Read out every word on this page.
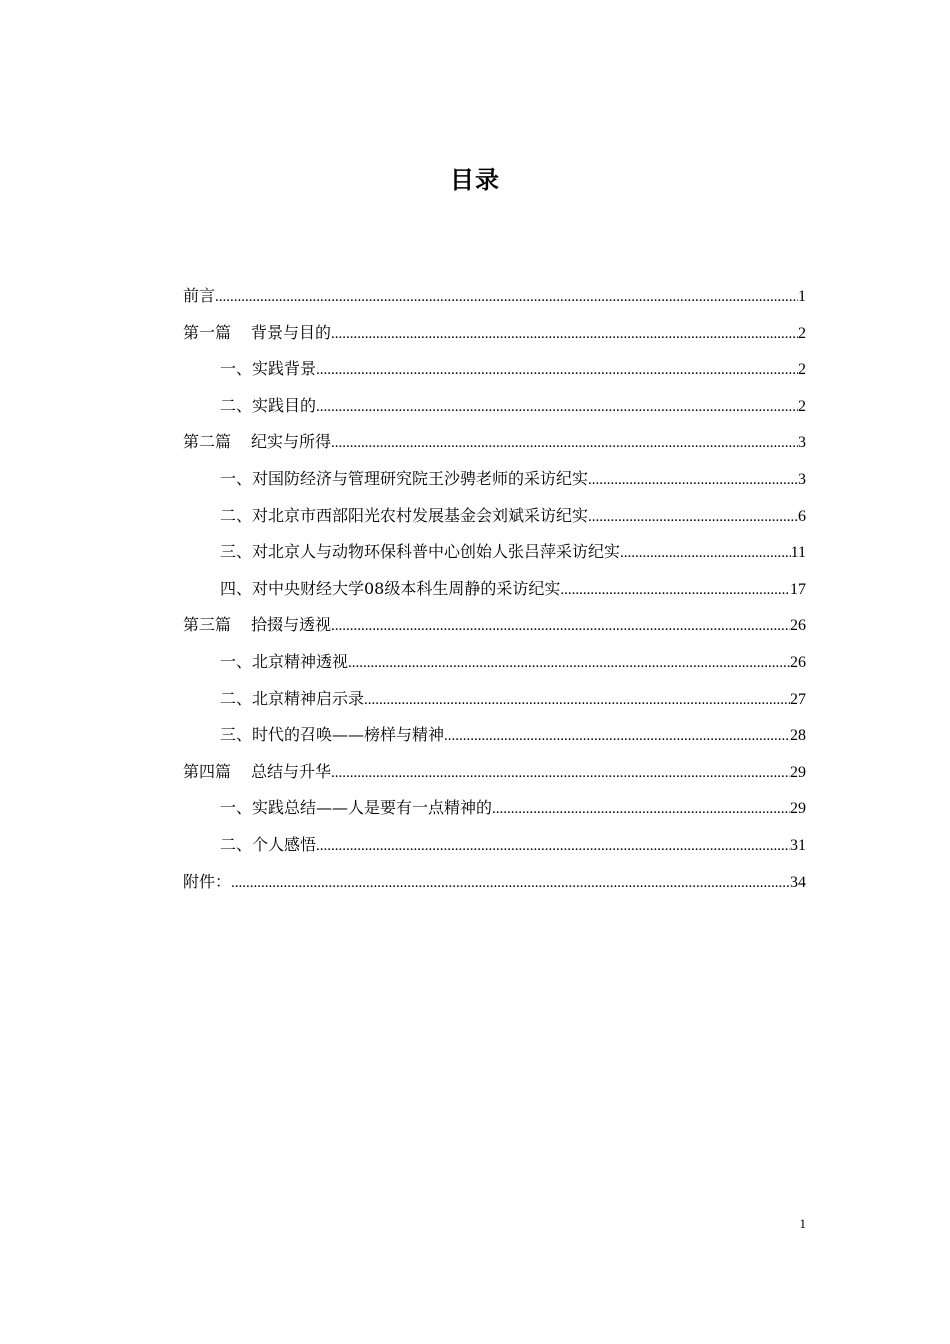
目录
前言 .....	1
第一篇 背景与目的 .....	2
一、实践背景 .....	2
二、实践目的 .....	2
第二篇 纪实与所得 .....	3
一、对国防经济与管理研究院王沙骋老师的采访纪实 .....	3
二、对北京市西部阳光农村发展基金会刘斌采访纪实 .....	6
三、对北京人与动物环保科普中心创始人张吕萍采访纪实 .....	11
四、对中央财经大学08级本科生周静的采访纪实 .....	17
第三篇 拾掇与透视 .....	26
一、北京精神透视 .....	26
二、北京精神启示录 .....	27
三、时代的召唤——榜样与精神 .....	28
第四篇 总结与升华 .....	29
一、实践总结——人是要有一点精神的 .....	29
二、个人感悟 .....	31
附件： .....	34
1
